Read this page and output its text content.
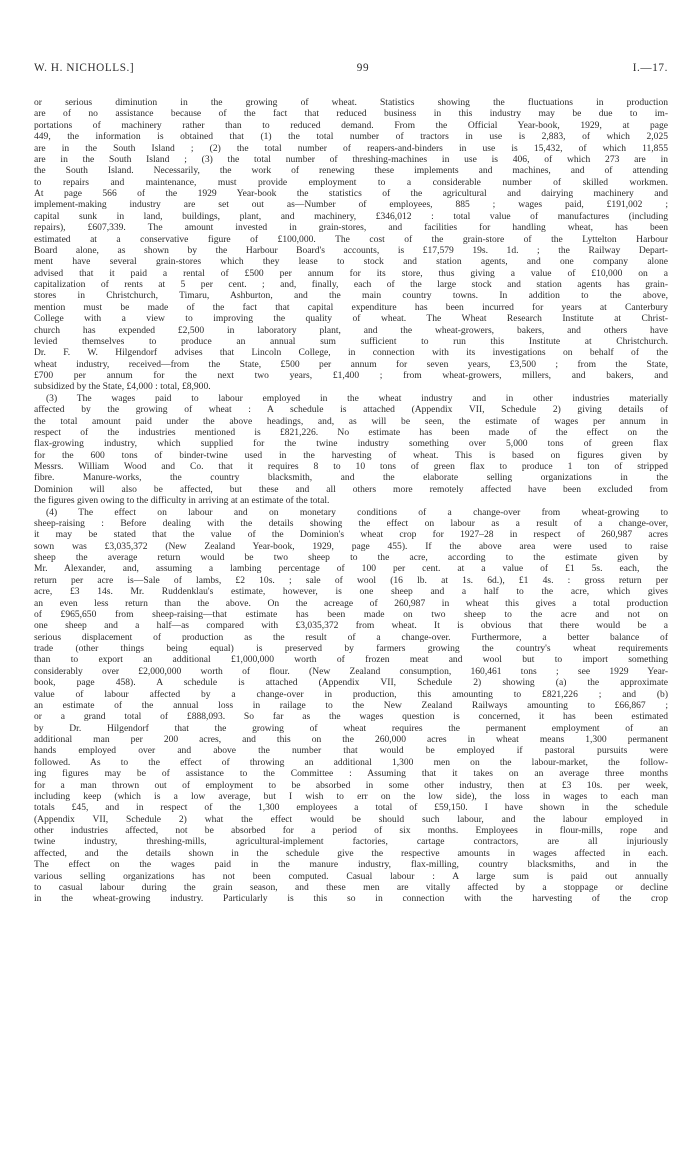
W. H. NICHOLLS.]	99	I.—17.
or serious diminution in the growing of wheat. Statistics showing the fluctuations in production
are of no assistance because of the fact that reduced business in this industry may be due to im-
portations of machinery rather than to reduced demand. From the Official Year-book, 1929, at page
449, the information is obtained that (1) the total number of tractors in use is 2,883, of which 2,025
are in the South Island ; (2) the total number of reapers-and-binders in use is 15,432, of which 11,855
are in the South Island ; (3) the total number of threshing-machines in use is 406, of which 273 are in
the South Island. Necessarily, the work of renewing these implements and machines, and of attending
to repairs and maintenance, must provide employment to a considerable number of skilled workmen.
At page 566 of the 1929 Year-book the statistics of the agricultural and dairying machinery and
implement-making industry are set out as—Number of employees, 885 ; wages paid, £191,002 ;
capital sunk in land, buildings, plant, and machinery, £346,012 : total value of manufactures (including
repairs), £607,339. The amount invested in grain-stores, and facilities for handling wheat, has been
estimated at a conservative figure of £100,000. The cost of the grain-store of the Lyttelton Harbour
Board alone, as shown by the Harbour Board's accounts, is £17,579 19s. 1d. ; the Railway Depart-
ment have several grain-stores which they lease to stock and station agents, and one company alone
advised that it paid a rental of £500 per annum for its store, thus giving a value of £10,000 on a
capitalization of rents at 5 per cent. ; and, finally, each of the large stock and station agents has grain-
stores in Christchurch, Timaru, Ashburton, and the main country towns. In addition to the above,
mention must be made of the fact that capital expenditure has been incurred for years at Canterbury
College with a view to improving the quality of wheat. The Wheat Research Institute at Christ-
church has expended £2,500 in laboratory plant, and the wheat-growers, bakers, and others have
levied themselves to produce an annual sum sufficient to run this Institute at Christchurch.
Dr. F. W. Hilgendorf advises that Lincoln College, in connection with its investigations on behalf of the
wheat industry, received—from the State, £500 per annum for seven years, £3,500 ; from the State,
£700 per annum for the next two years, £1,400 ; from wheat-growers, millers, and bakers, and
subsidized by the State, £4,000 : total, £8,900.
(3) The wages paid to labour employed in the wheat industry and in other industries materially
affected by the growing of wheat : A schedule is attached (Appendix VII, Schedule 2) giving details of
the total amount paid under the above headings, and, as will be seen, the estimate of wages per annum in
respect of the industries mentioned is £821,226. No estimate has been made of the effect on the
flax-growing industry, which supplied for the twine industry something over 5,000 tons of green flax
for the 600 tons of binder-twine used in the harvesting of wheat. This is based on figures given by
Messrs. William Wood and Co. that it requires 8 to 10 tons of green flax to produce 1 ton of stripped
fibre. Manure-works, the country blacksmith, and the elaborate selling organizations in the
Dominion will also be affected, but these and all others more remotely affected have been excluded from
the figures given owing to the difficulty in arriving at an estimate of the total.
(4) The effect on labour and on monetary conditions of a change-over from wheat-growing to
sheep-raising : Before dealing with the details showing the effect on labour as a result of a change-over,
it may be stated that the value of the Dominion's wheat crop for 1927–28 in respect of 260,987 acres
sown was £3,035,372 (New Zealand Year-book, 1929, page 455). If the above area were used to raise
sheep the average return would be two sheep to the acre, according to the estimate given by
Mr. Alexander, and, assuming a lambing percentage of 100 per cent. at a value of £1 5s. each, the
return per acre is—Sale of lambs, £2 10s. ; sale of wool (16 lb. at 1s. 6d.), £1 4s. : gross return per
acre, £3 14s. Mr. Ruddenklau's estimate, however, is one sheep and a half to the acre, which gives
an even less return than the above. On the acreage of 260,987 in wheat this gives a total production
of £965,650 from sheep-raising—that estimate has been made on two sheep to the acre and not on
one sheep and a half—as compared with £3,035,372 from wheat. It is obvious that there would be a
serious displacement of production as the result of a change-over. Furthermore, a better balance of
trade (other things being equal) is preserved by farmers growing the country's wheat requirements
than to export an additional £1,000,000 worth of frozen meat and wool but to import something
considerably over £2,000,000 worth of flour. (New Zealand consumption, 160,461 tons ; see 1929 Year-
book, page 458). A schedule is attached (Appendix VII, Schedule 2) showing (a) the approximate
value of labour affected by a change-over in production, this amounting to £821,226 ; and (b)
an estimate of the annual loss in railage to the New Zealand Railways amounting to £66,867 ;
or a grand total of £888,093. So far as the wages question is concerned, it has been estimated
by Dr. Hilgendorf that the growing of wheat requires the permanent employment of an
additional man per 200 acres, and this on the 260,000 acres in wheat means 1,300 permanent
hands employed over and above the number that would be employed if pastoral pursuits were
followed. As to the effect of throwing an additional 1,300 men on the labour-market, the follow-
ing figures may be of assistance to the Committee : Assuming that it takes on an average three months
for a man thrown out of employment to be absorbed in some other industry, then at £3 10s. per week,
including keep (which is a low average, but I wish to err on the low side), the loss in wages to each man
totals £45, and in respect of the 1,300 employees a total of £59,150. I have shown in the schedule
(Appendix VII, Schedule 2) what the effect would be should such labour, and the labour employed in
other industries affected, not be absorbed for a period of six months. Employees in flour-mills, rope and
twine industry, threshing-mills, agricultural-implement factories, cartage contractors, are all injuriously
affected, and the details shown in the schedule give the respective amounts in wages affected in each.
The effect on the wages paid in the manure industry, flax-milling, country blacksmiths, and in the
various selling organizations has not been computed. Casual labour : A large sum is paid out annually
to casual labour during the grain season, and these men are vitally affected by a stoppage or decline
in the wheat-growing industry. Particularly is this so in connection with the harvesting of the crop
